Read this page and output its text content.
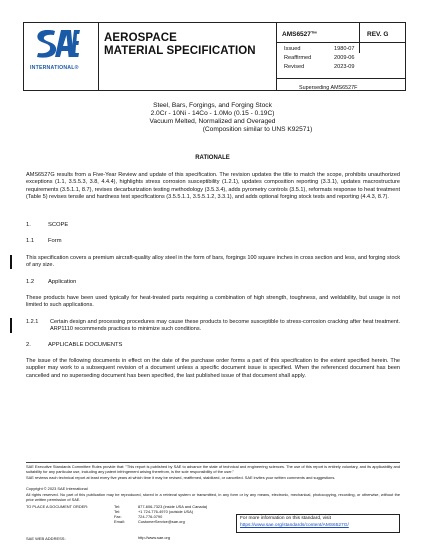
INTERNATIONAL®
AEROSPACE
MATERIAL SPECIFICATION
AMS6527™	REV. G
Issued	1980-07
Reaffirmed	2009-06
Revised	2023-09
Superseding AMS6527F
Steel, Bars, Forgings, and Forging Stock
2.0Cr - 10Ni - 14Co - 1.0Mo (0.15 - 0.19C)
Vacuum Melted, Normalized and Overaged
(Composition similar to UNS K92571)
RATIONALE
AMS6527G results from a Five-Year Review and update of this specification. The revision updates the title to match the scope, prohibits unauthorized exceptions (1.1, 3.5.5.3, 3.8, 4.4.4), highlights stress corrosion susceptibility (1.2.1), updates composition reporting (3.3.1), updates macrostructure requirements (3.5.1.1, 8.7), revises decarburization testing methodology (3.5.3.4), adds pyrometry controls (3.5.1), reformats response to heat treatment (Table 5) revises tensile and hardness test specifications (3.5.5.1.1, 3.5.5.1.2, 3.3.1), and adds optional forging stock tests and reporting (4.4.3, 8.7).
1.	SCOPE
1.1 Form
This specification covers a premium aircraft-quality alloy steel in the form of bars, forgings 100 square inches in cross section and less, and forging stock of any size.
1.2 Application
These products have been used typically for heat-treated parts requiring a combination of high strength, toughness, and weldability, but usage is not limited to such applications.
1.2.1 Certain design and processing procedures may cause these products to become susceptible to stress-corrosion cracking after heat treatment. ARP1110 recommends practices to minimize such conditions.
2.	APPLICABLE DOCUMENTS
The issue of the following documents in effect on the date of the purchase order forms a part of this specification to the extent specified herein. The supplier may work to a subsequent revision of a document unless a specific document issue is specified. When the referenced document has been cancelled and no superseding document has been specified, the last published issue of that document shall apply.
SAE Executive Standards Committee Rules provide that: "This report is published by SAE to advance the state of technical and engineering sciences. The use of this report is entirely voluntary, and its applicability and suitability for any particular use, including any patent infringement arising therefrom, is the sole responsibility of the user."
SAE reviews each technical report at least every five years at which time it may be revised, reaffirmed, stabilized, or cancelled. SAE invites your written comments and suggestions.
Copyright © 2023 SAE International
All rights reserved. No part of this publication may be reproduced, stored in a retrieval system or transmitted, in any form or by any means, electronic, mechanical, photocopying, recording, or otherwise, without the prior written permission of SAE.
TO PLACE A DOCUMENT ORDER:	Tel:	877-606-7323 (inside USA and Canada)
Tel:	+1 724-776-4970 (outside USA)
Fax:	724-776-0790
Email:	CustomerService@sae.org
http://www.sae.org
SAE WEB ADDRESS:
For more information on this standard, visit
https://www.sae.org/standards/content/AMS6527G/
